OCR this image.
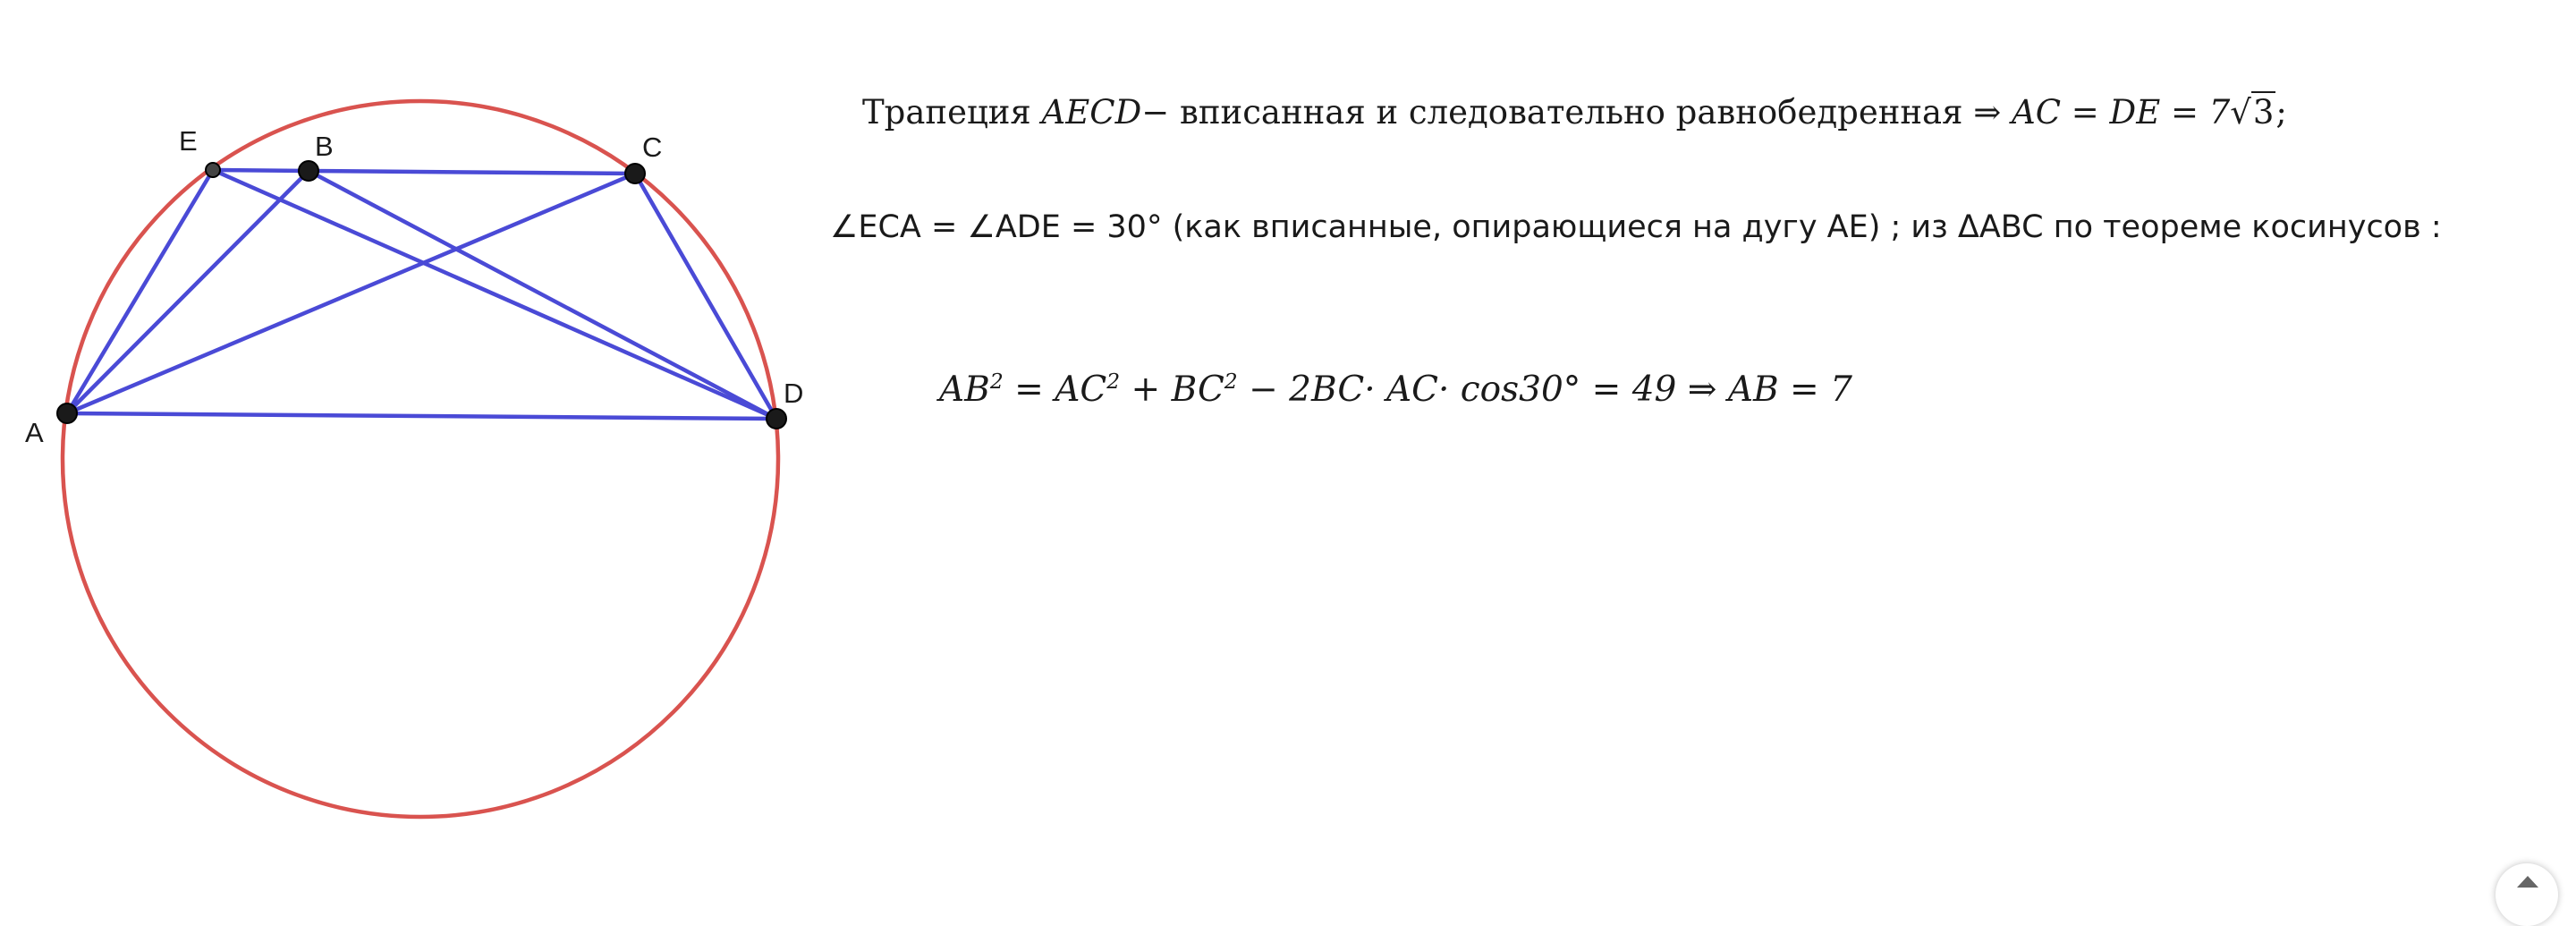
A
B	C
D
E
Трапеция AECD− вписанная и следовательно равнобедренная ⇒ AC = DE = 7√3;
∠ECA = ∠ADE = 30° (как вписанные, опирающиеся на дугу AE) ; из ΔABC по теореме косинусов :
$AB^2 = AC^2 + BC^2 - 2BC\cdot AC\cdot \cos 30^\circ = 49$ ⇒ AB = 7
